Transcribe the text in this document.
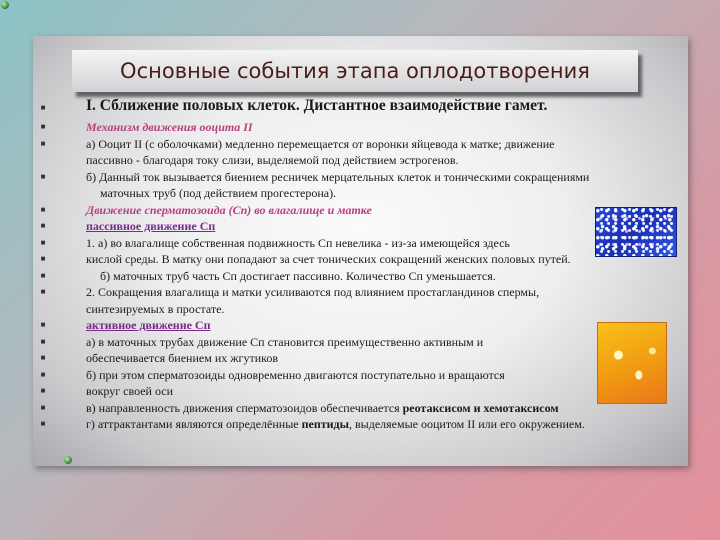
Основные события этапа оплодотворения
■	I. Сближение половых клеток. Дистантное взаимодействие гамет.
■	Механизм движения ооцита II
■	а) Ооцит II (с оболочками) медленно перемещается от воронки яйцевода к матке; движение
пассивно - благодаря току слизи, выделяемой под действием эстрогенов.
■	б) Данный ток вызывается биением ресничек мерцательных клеток и тоническими сокращениями
маточных труб (под действием прогестерона).
■	Движение сперматозоида (Сп) во влагалище и матке
■	пассивное движение Сп
■	1. а) во влагалище собственная подвижность Сп невелика - из-за имеющейся здесь
■	кислой среды. В матку они попадают за счет тонических сокращений женских половых путей.
■	б) маточных труб часть Сп достигает пассивно. Количество Сп уменьшается.
■	2. Сокращения влагалища и матки усиливаются под влиянием простагландинов спермы,
синтезируемых в простате.
■	активное движение Сп
■	а) в маточных трубах движение Сп становится преимущественно активным и
■	обеспечивается биением их жгутиков
■	б) при этом сперматозоиды одновременно двигаются поступательно и вращаются
■	вокруг своей оси
■	в) направленность движения сперматозоидов обеспечивается реотаксисом и хемотаксисом
■	г) аттрактантами являются определённые пептиды, выделяемые ооцитом II или его окружением.
